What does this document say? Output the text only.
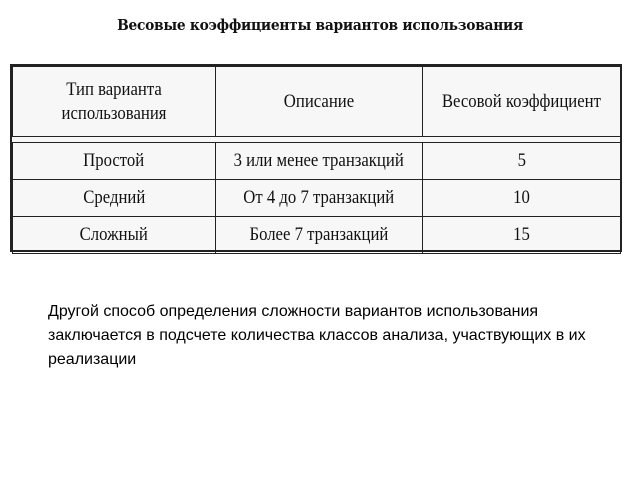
Весовые коэффициенты вариантов использования
Тип варианта использования	Описание	Весовой коэффициент

Простой	3 или менее транзакций	5
Средний	От 4 до 7 транзакций	10
Сложный	Более 7 транзакций	15
Другой способ определения сложности вариантов использования заключается в подсчете количества классов анализа, участвующих в их реализации
